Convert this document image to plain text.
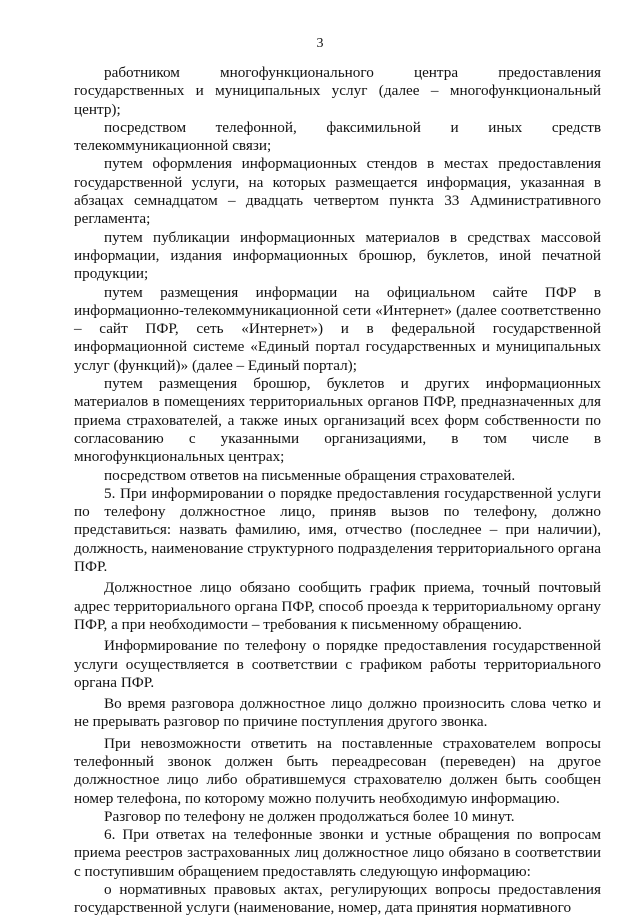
3

работником многофункционального центра предоставления государственных и муниципальных услуг (далее – многофункциональный центр);

посредством телефонной, факсимильной и иных средств телекоммуникационной связи;

путем оформления информационных стендов в местах предоставления государственной услуги, на которых размещается информация, указанная в абзацах семнадцатом – двадцать четвертом пункта 33 Административного регламента;

путем публикации информационных материалов в средствах массовой информации, издания информационных брошюр, буклетов, иной печатной продукции;

путем размещения информации на официальном сайте ПФР в информационно-телекоммуникационной сети «Интернет» (далее соответственно – сайт ПФР, сеть «Интернет») и в федеральной государственной информационной системе «Единый портал государственных и муниципальных услуг (функций)» (далее – Единый портал);

путем размещения брошюр, буклетов и других информационных материалов в помещениях территориальных органов ПФР, предназначенных для приема страхователей, а также иных организаций всех форм собственности по согласованию с указанными организациями, в том числе в многофункциональных центрах;

посредством ответов на письменные обращения страхователей.

5. При информировании о порядке предоставления государственной услуги по телефону должностное лицо, приняв вызов по телефону, должно представиться: назвать фамилию, имя, отчество (последнее – при наличии), должность, наименование структурного подразделения территориального органа ПФР.

Должностное лицо обязано сообщить график приема, точный почтовый адрес территориального органа ПФР, способ проезда к территориальному органу ПФР, а при необходимости – требования к письменному обращению.

Информирование по телефону о порядке предоставления государственной услуги осуществляется в соответствии с графиком работы территориального органа ПФР.

Во время разговора должностное лицо должно произносить слова четко и не прерывать разговор по причине поступления другого звонка.

При невозможности ответить на поставленные страхователем вопросы телефонный звонок должен быть переадресован (переведен) на другое должностное лицо либо обратившемуся страхователю должен быть сообщен номер телефона, по которому можно получить необходимую информацию.

Разговор по телефону не должен продолжаться более 10 минут.

6. При ответах на телефонные звонки и устные обращения по вопросам приема реестров застрахованных лиц должностное лицо обязано в соответствии с поступившим обращением предоставлять следующую информацию:

о нормативных правовых актах, регулирующих вопросы предоставления государственной услуги (наименование, номер, дата принятия нормативного
